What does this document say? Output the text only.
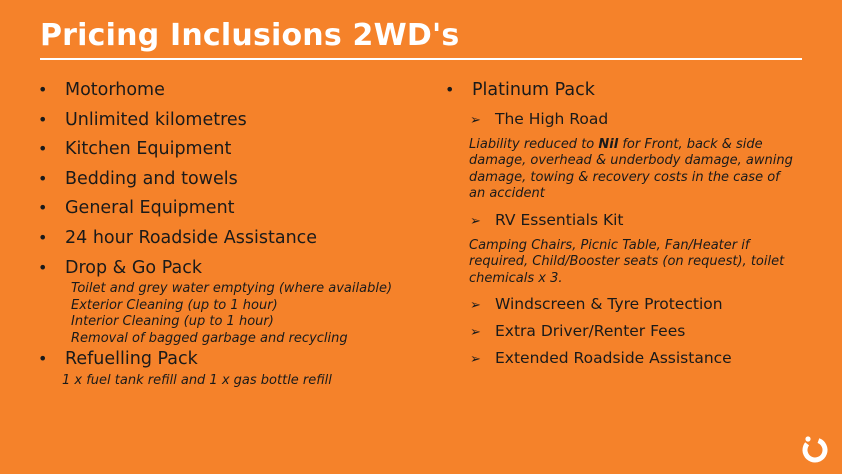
Pricing Inclusions 2WD's
•	Motorhome
•	Unlimited kilometres
•	Kitchen Equipment
•	Bedding and towels
•	General Equipment
•	24 hour Roadside Assistance
•	Drop & Go Pack
Toilet and grey water emptying (where available)
Exterior Cleaning (up to 1 hour)
Interior Cleaning (up to 1 hour)
Removal of bagged garbage and recycling
•	Refuelling Pack
1 x fuel tank refill and 1 x gas bottle refill
•	Platinum Pack
➢ The High Road
Liability reduced to Nil for Front, back & side damage, overhead & underbody damage, awning damage, towing & recovery costs in the case of an accident
➢ RV Essentials Kit
Camping Chairs, Picnic Table, Fan/Heater if required, Child/Booster seats (on request), toilet chemicals x 3.
➢ Windscreen & Tyre Protection
➢ Extra Driver/Renter Fees
➢ Extended Roadside Assistance
